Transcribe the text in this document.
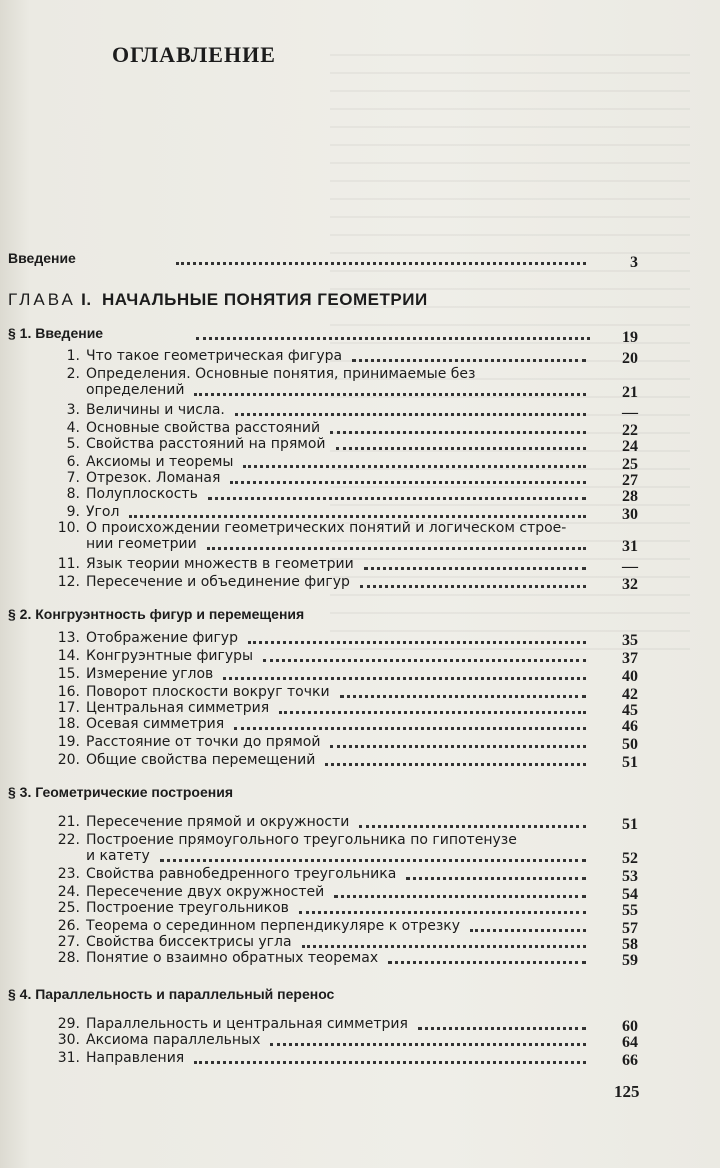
ОГЛАВЛЕНИЕ
Введение	3
ГЛАВА I. НАЧАЛЬНЫЕ ПОНЯТИЯ ГЕОМЕТРИИ
§ 1. Введение	19
1. Что такое геометрическая фигура	20
2. Определения. Основные понятия, принимаемые без
определений	21
3. Величины и числа.	—
4. Основные свойства расстояний	22
5. Свойства расстояний на прямой	24
6. Аксиомы и теоремы	25
7. Отрезок. Ломаная	27
8. Полуплоскость	28
9. Угол	30
10. О происхождении геометрических понятий и логическом строе-
нии геометрии	31
11. Язык теории множеств в геометрии	—
12. Пересечение и объединение фигур	32
§ 2. Конгруэнтность фигур и перемещения
13. Отображение фигур	35
14. Конгруэнтные фигуры	37
15. Измерение углов	40
16. Поворот плоскости вокруг точки	42
17. Центральная симметрия	45
18. Осевая симметрия	46
19. Расстояние от точки до прямой	50
20. Общие свойства перемещений	51
§ 3. Геометрические построения
21. Пересечение прямой и окружности	51
22. Построение прямоугольного треугольника по гипотенузе
и катету	52
23. Свойства равнобедренного треугольника	53
24. Пересечение двух окружностей	54
25. Построение треугольников	55
26. Теорема о серединном перпендикуляре к отрезку	57
27. Свойства биссектрисы угла	58
28. Понятие о взаимно обратных теоремах	59
§ 4. Параллельность и параллельный перенос
29. Параллельность и центральная симметрия	60
30. Аксиома параллельных	64
31. Направления	66
125
